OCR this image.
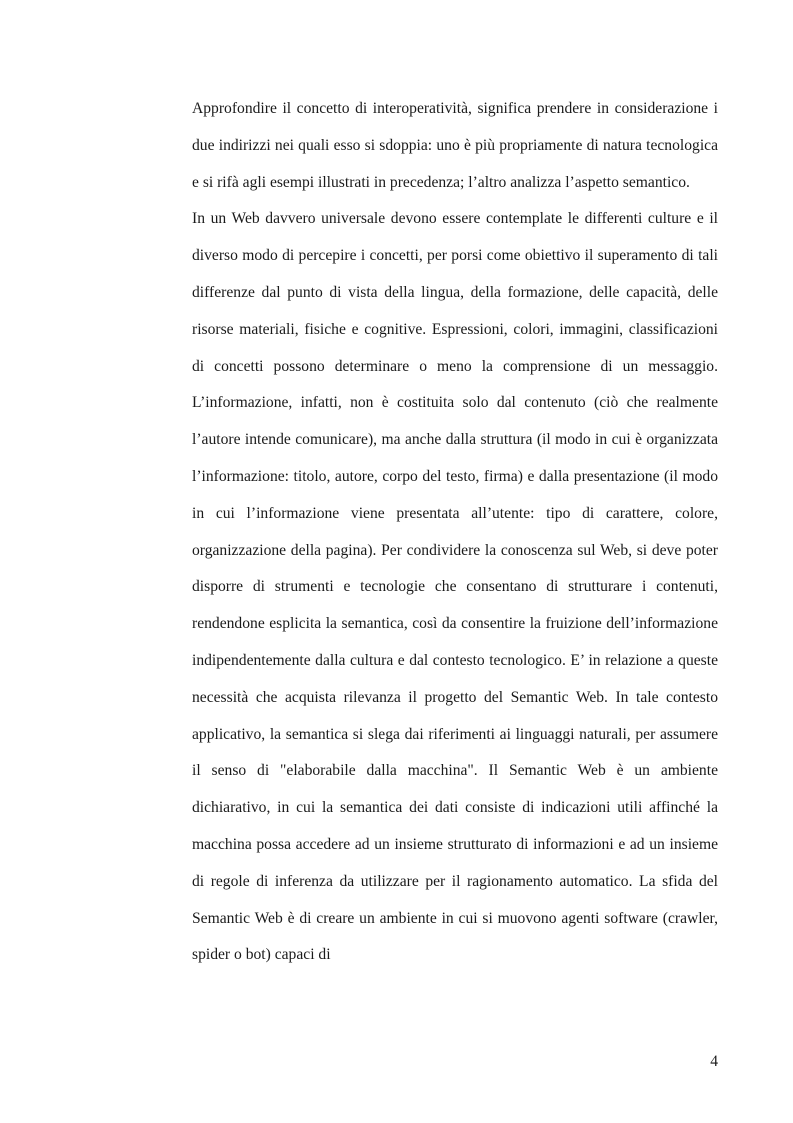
Approfondire il concetto di interoperatività, significa prendere in considerazione i due indirizzi nei quali esso si sdoppia: uno è più propriamente di natura tecnologica e si rifà agli esempi illustrati in precedenza; l’altro analizza l’aspetto semantico.

In un Web davvero universale devono essere contemplate le differenti culture e il diverso modo di percepire i concetti, per porsi come obiettivo il superamento di tali differenze dal punto di vista della lingua, della formazione, delle capacità, delle risorse materiali, fisiche e cognitive. Espressioni, colori, immagini, classificazioni di concetti possono determinare o meno la comprensione di un messaggio. L’informazione, infatti, non è costituita solo dal contenuto (ciò che realmente l’autore intende comunicare), ma anche dalla struttura (il modo in cui è organizzata l’informazione: titolo, autore, corpo del testo, firma) e dalla presentazione (il modo in cui l’informazione viene presentata all’utente: tipo di carattere, colore, organizzazione della pagina). Per condividere la conoscenza sul Web, si deve poter disporre di strumenti e tecnologie che consentano di strutturare i contenuti, rendendone esplicita la semantica, così da consentire la fruizione dell’informazione indipendentemente dalla cultura e dal contesto tecnologico. E’ in relazione a queste necessità che acquista rilevanza il progetto del Semantic Web. In tale contesto applicativo, la semantica si slega dai riferimenti ai linguaggi naturali, per assumere il senso di "elaborabile dalla macchina". Il Semantic Web è un ambiente dichiarativo, in cui la semantica dei dati consiste di indicazioni utili affinché la macchina possa accedere ad un insieme strutturato di informazioni e ad un insieme di regole di inferenza da utilizzare per il ragionamento automatico. La sfida del Semantic Web è di creare un ambiente in cui si muovono agenti software (crawler, spider o bot) capaci di

4
